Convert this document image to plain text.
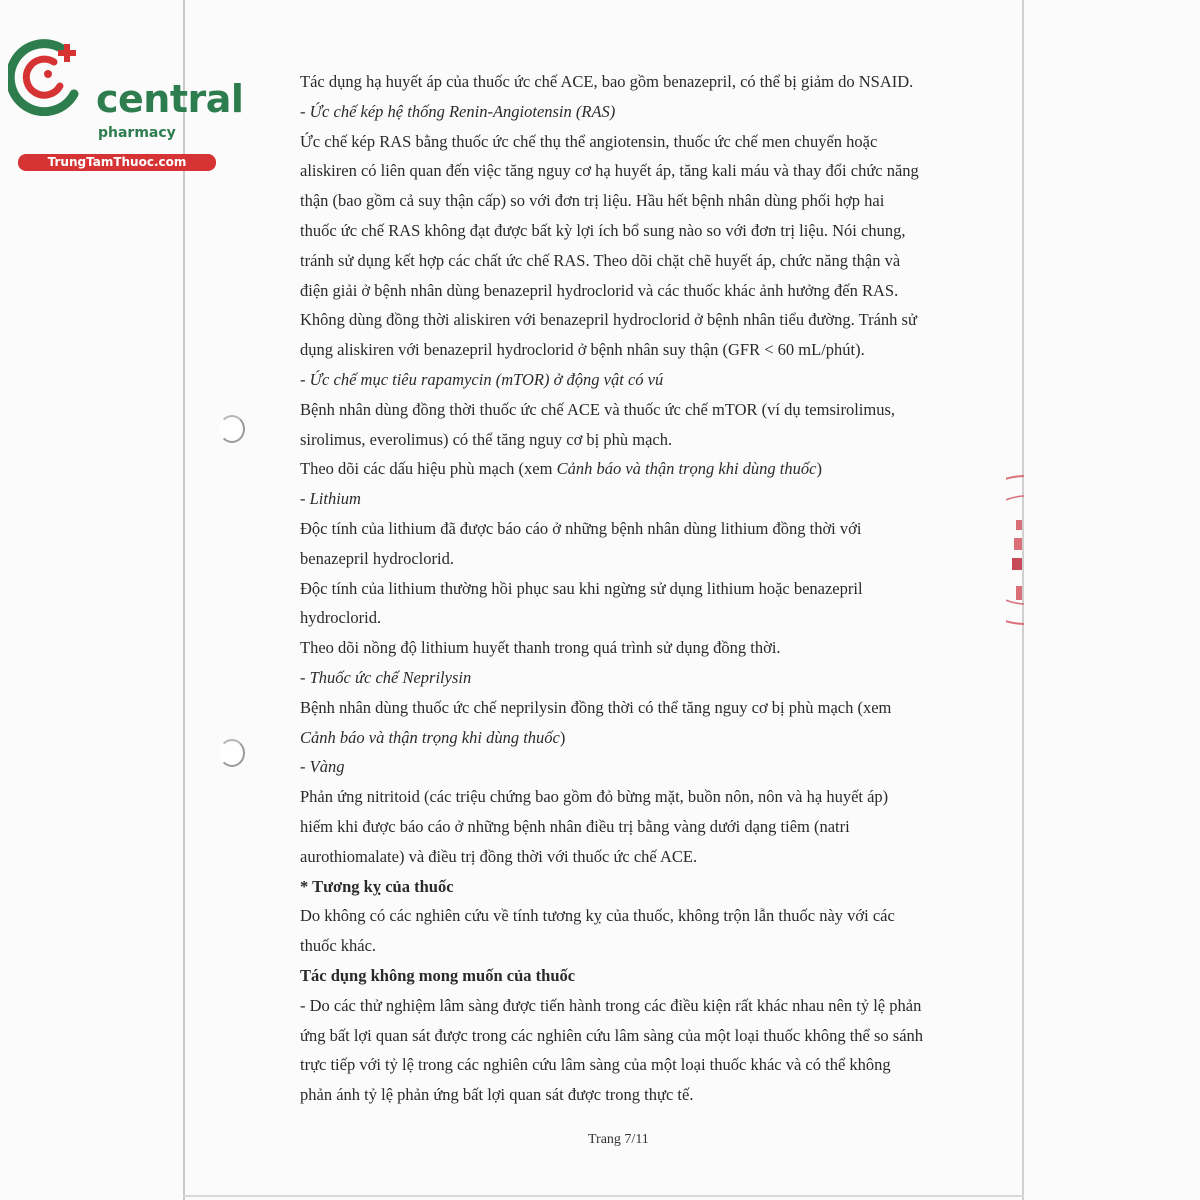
central
pharmacy
TrungTamThuoc.com

Tác dụng hạ huyết áp của thuốc ức chế ACE, bao gồm benazepril, có thể bị giảm do NSAID.

- Ức chế kép hệ thống Renin-Angiotensin (RAS)

Ức chế kép RAS bằng thuốc ức chế thụ thể angiotensin, thuốc ức chế men chuyển hoặc

aliskiren có liên quan đến việc tăng nguy cơ hạ huyết áp, tăng kali máu và thay đổi chức năng

thận (bao gồm cả suy thận cấp) so với đơn trị liệu. Hầu hết bệnh nhân dùng phối hợp hai

thuốc ức chế RAS không đạt được bất kỳ lợi ích bổ sung nào so với đơn trị liệu. Nói chung,

tránh sử dụng kết hợp các chất ức chế RAS. Theo dõi chặt chẽ huyết áp, chức năng thận và

điện giải ở bệnh nhân dùng benazepril hydroclorid và các thuốc khác ảnh hưởng đến RAS.

Không dùng đồng thời aliskiren với benazepril hydroclorid ở bệnh nhân tiểu đường. Tránh sử

dụng aliskiren với benazepril hydroclorid ở bệnh nhân suy thận (GFR < 60 mL/phút).

- Ức chế mục tiêu rapamycin (mTOR) ở động vật có vú

Bệnh nhân dùng đồng thời thuốc ức chế ACE và thuốc ức chế mTOR (ví dụ temsirolimus,

sirolimus, everolimus) có thể tăng nguy cơ bị phù mạch.

Theo dõi các dấu hiệu phù mạch (xem Cảnh báo và thận trọng khi dùng thuốc)

- Lithium

Độc tính của lithium đã được báo cáo ở những bệnh nhân dùng lithium đồng thời với

benazepril hydroclorid.

Độc tính của lithium thường hồi phục sau khi ngừng sử dụng lithium hoặc benazepril

hydroclorid.

Theo dõi nồng độ lithium huyết thanh trong quá trình sử dụng đồng thời.

- Thuốc ức chế Neprilysin

Bệnh nhân dùng thuốc ức chế neprilysin đồng thời có thể tăng nguy cơ bị phù mạch (xem

Cảnh báo và thận trọng khi dùng thuốc)

- Vàng

Phản ứng nitritoid (các triệu chứng bao gồm đỏ bừng mặt, buồn nôn, nôn và hạ huyết áp)

hiếm khi được báo cáo ở những bệnh nhân điều trị bằng vàng dưới dạng tiêm (natri

aurothiomalate) và điều trị đồng thời với thuốc ức chế ACE.

* Tương kỵ của thuốc

Do không có các nghiên cứu về tính tương kỵ của thuốc, không trộn lẫn thuốc này với các

thuốc khác.

Tác dụng không mong muốn của thuốc

- Do các thử nghiệm lâm sàng được tiến hành trong các điều kiện rất khác nhau nên tỷ lệ phản

ứng bất lợi quan sát được trong các nghiên cứu lâm sàng của một loại thuốc không thể so sánh

trực tiếp với tỷ lệ trong các nghiên cứu lâm sàng của một loại thuốc khác và có thể không

phản ánh tỷ lệ phản ứng bất lợi quan sát được trong thực tế.

Trang 7/11
